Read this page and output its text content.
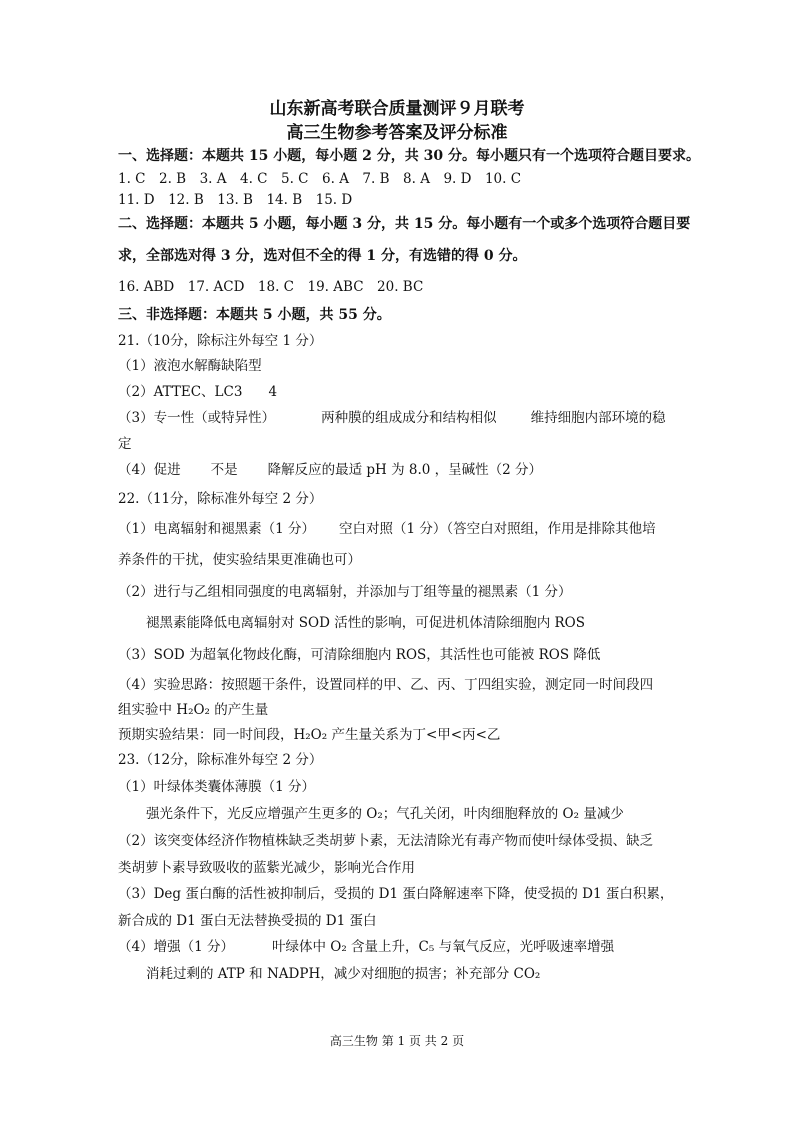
山东新高考联合质量测评９月联考
高三生物参考答案及评分标准
一、选择题：本题共 15 小题，每小题 2 分，共 30 分。每小题只有一个选项符合题目要求。
1. C　2. B　3. A　4. C　5. C　6. A　7. B　8. A　9. D　10. C
11. D　12. B　13. B　14. B　15. D
二、选择题：本题共 5 小题，每小题 3 分，共 15 分。每小题有一个或多个选项符合题目要
求，全部选对得 3 分，选对但不全的得 1 分，有选错的得 0 分。
16. ABD　17. ACD　18. C　19. ABC　20. BC
三、非选择题：本题共 5 小题，共 55 分。
21.（10分，除标注外每空 1 分）
（1）液泡水解酶缺陷型
（2）ATTEC、LC3 4
（3）专一性（或特异性）	两种膜的组成成分和结构相似	维持细胞内部环境的稳
定
（4）促进 不是 降解反应的最适 pH 为 8.0 ，呈碱性（2 分）
22.（11分，除标准外每空 2 分）
（1）电离辐射和褪黑素（1 分） 空白对照（1 分）（答空白对照组，作用是排除其他培
养条件的干扰，使实验结果更准确也可）
（2）进行与乙组相同强度的电离辐射，并添加与丁组等量的褪黑素（1 分）
褪黑素能降低电离辐射对 SOD 活性的影响，可促进机体清除细胞内 ROS
（3）SOD 为超氧化物歧化酶，可清除细胞内 ROS，其活性也可能被 ROS 降低
（4）实验思路：按照题干条件，设置同样的甲、乙、丙、丁四组实验，测定同一时间段四
组实验中 H₂O₂ 的产生量
预期实验结果：同一时间段，H₂O₂ 产生量关系为丁<甲<丙<乙
23.（12分，除标准外每空 2 分）
（1）叶绿体类囊体薄膜（1 分）
强光条件下，光反应增强产生更多的 O₂；气孔关闭，叶肉细胞释放的 O₂ 量减少
（2）该突变体经济作物植株缺乏类胡萝卜素，无法清除光有毒产物而使叶绿体受损、缺乏
类胡萝卜素导致吸收的蓝紫光减少，影响光合作用
（3）Deg 蛋白酶的活性被抑制后，受损的 D1 蛋白降解速率下降，使受损的 D1 蛋白积累，
新合成的 D1 蛋白无法替换受损的 D1 蛋白
（4）增强（1 分）	叶绿体中 O₂ 含量上升，C₅ 与氧气反应，光呼吸速率增强
消耗过剩的 ATP 和 NADPH，减少对细胞的损害；补充部分 CO₂
高三生物 第 1 页 共 2 页
